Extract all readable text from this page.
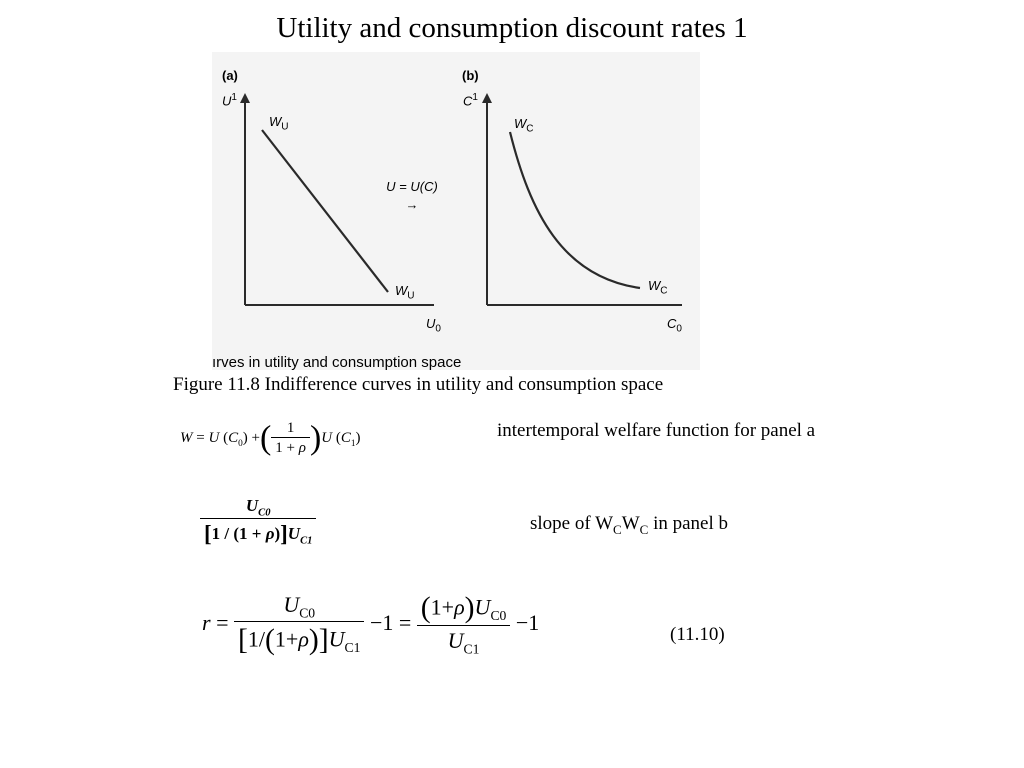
Utility and consumption discount rates 1
(a)	(b)
$U^1$
$W_U$
$W_U$
$U_0$
$C^1$
$W_C$
$W_C$
$C_0$
U = U(C)
→
ırves in utility and consumption space
Figure 11.8 Indifference curves in utility and consumption space
W = U $(C_0)$ +( $\frac{1}{1 + \rho} )U$ $(C_1)$	intertemporal welfare function for panel a
$\frac{U_{C0}}{[1 / (1 + \rho)]U_{C1}}$	slope of $W_CW_C$ in panel b
$r = \frac{U_{C0}}{[1/(1+\rho)]U_{C1}} -1 = \frac{(1+\rho)U_{C0}}{U_{C1}} -1$	(11.10)
